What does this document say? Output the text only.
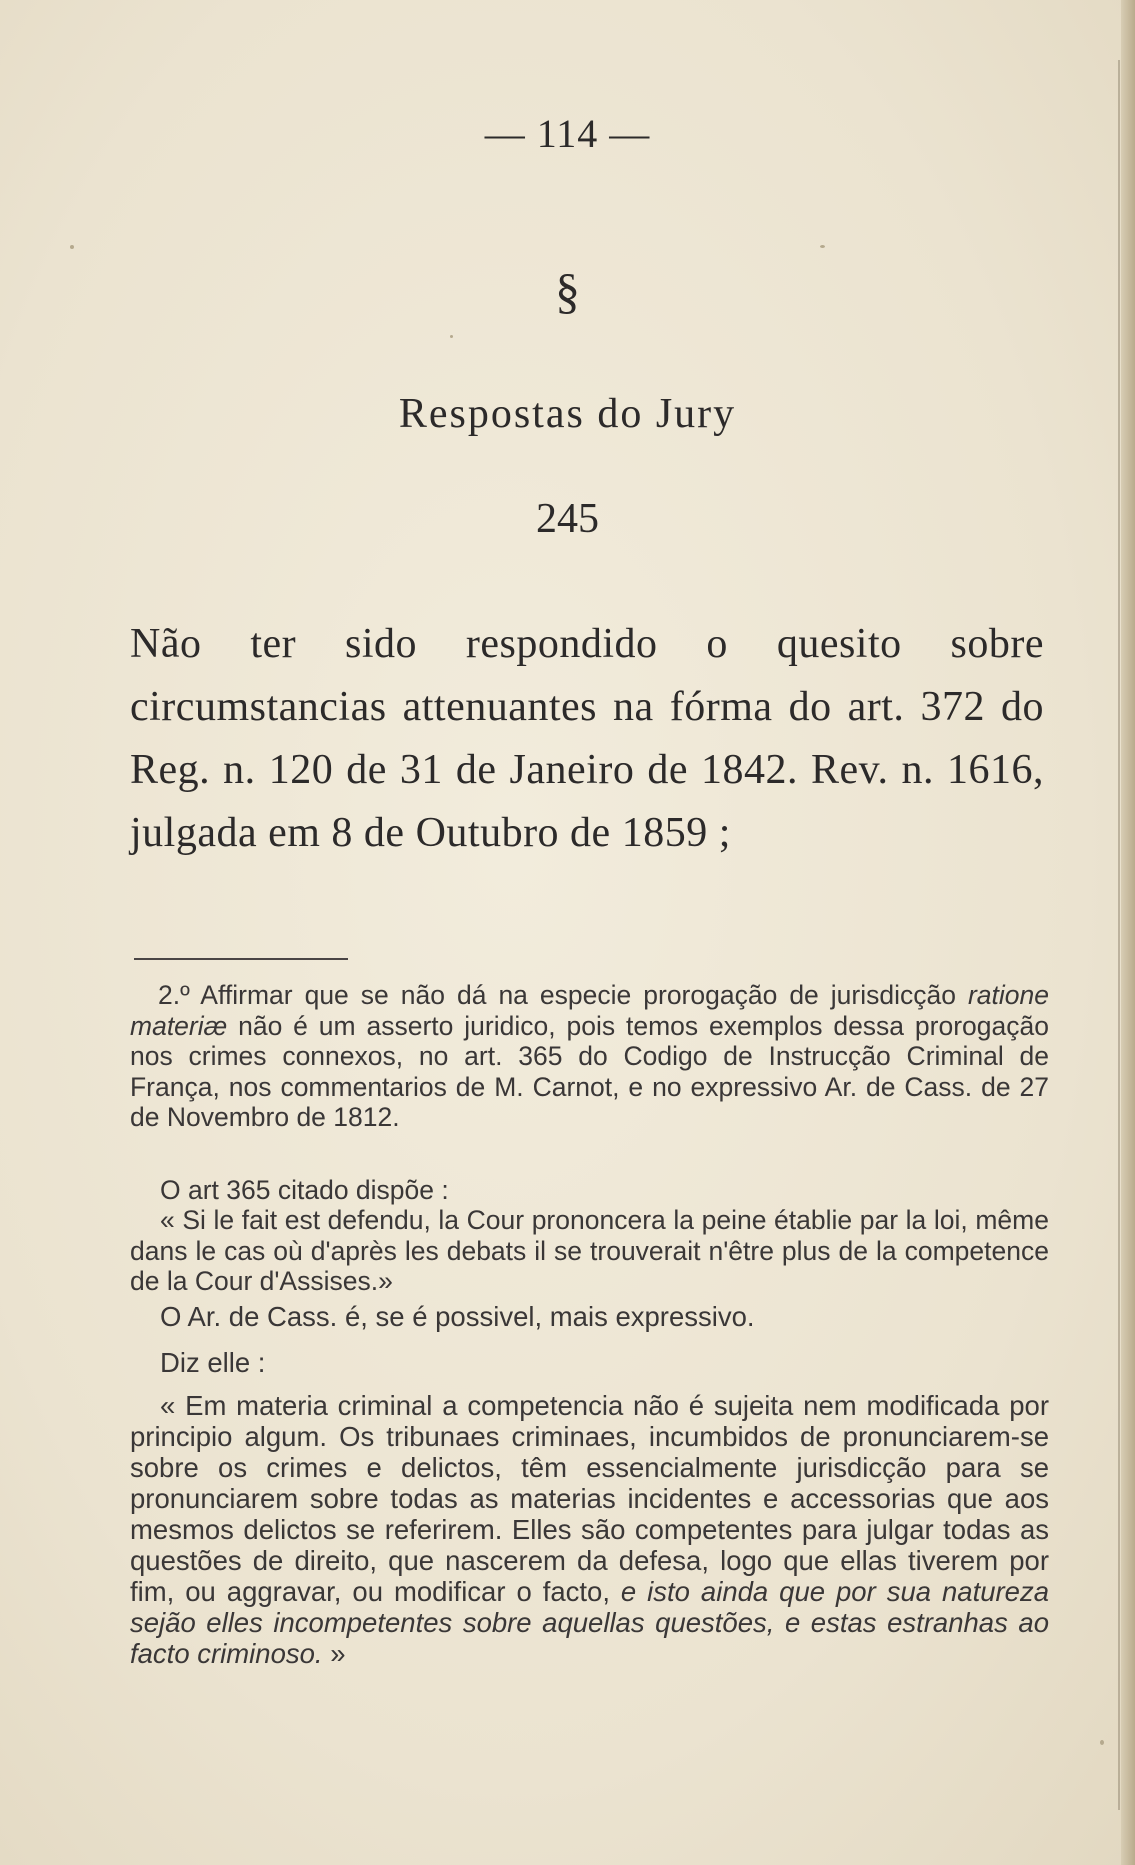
— 114 —
§
Respostas do Jury
245
Não ter sido respondido o quesito sobre circumstancias attenuantes na fórma do art. 372 do Reg. n. 120 de 31 de Janeiro de 1842. Rev. n. 1616, julgada em 8 de Outubro de 1859 ;
2.º Affirmar que se não dá na especie prorogação de jurisdicção ratione materiæ não é um asserto juridico, pois temos exemplos dessa prorogação nos crimes connexos, no art. 365 do Codigo de Instrucção Criminal de França, nos commentarios de M. Carnot, e no expressivo Ar. de Cass. de 27 de Novembro de 1812.
O art 365 citado dispõe :
« Si le fait est defendu, la Cour prononcera la peine établie par la loi, même dans le cas où d'après les debats il se trouverait n'être plus de la competence de la Cour d'Assises.»
O Ar. de Cass. é, se é possivel, mais expressivo.
Diz elle :
« Em materia criminal a competencia não é sujeita nem modificada por principio algum. Os tribunaes criminaes, incumbidos de pronunciarem-se sobre os crimes e delictos, têm essencialmente jurisdicção para se pronunciarem sobre todas as materias incidentes e accessorias que aos mesmos delictos se referirem. Elles são competentes para julgar todas as questões de direito, que nascerem da defesa, logo que ellas tiverem por fim, ou aggravar, ou modificar o facto, e isto ainda que por sua natureza sejão elles incompetentes sobre aquellas questões, e estas estranhas ao facto criminoso. »
